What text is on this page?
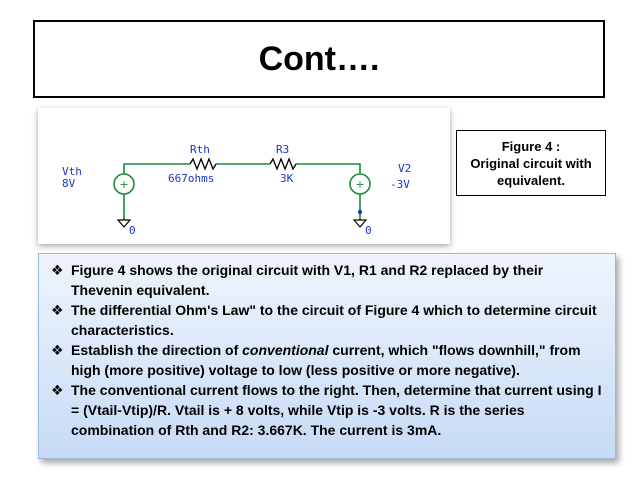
Cont….
+	+
Vth
8V
Rth
667ohms
R3
3K
V2
-3V
0	0
Figure 4 :
Original circuit with
equivalent.
❖ Figure 4 shows the original circuit with V1, R1 and R2 replaced by their Thevenin equivalent.
❖ The differential Ohm's Law" to the circuit of Figure 4 which to determine circuit characteristics.
❖ Establish the direction of conventional current, which "flows downhill," from high (more positive) voltage to low (less positive or more negative).
❖ The conventional current flows to the right. Then, determine that current using I = (Vtail-Vtip)/R. Vtail is + 8 volts, while Vtip is -3 volts. R is the series combination of Rth and R2: 3.667K. The current is 3mA.
